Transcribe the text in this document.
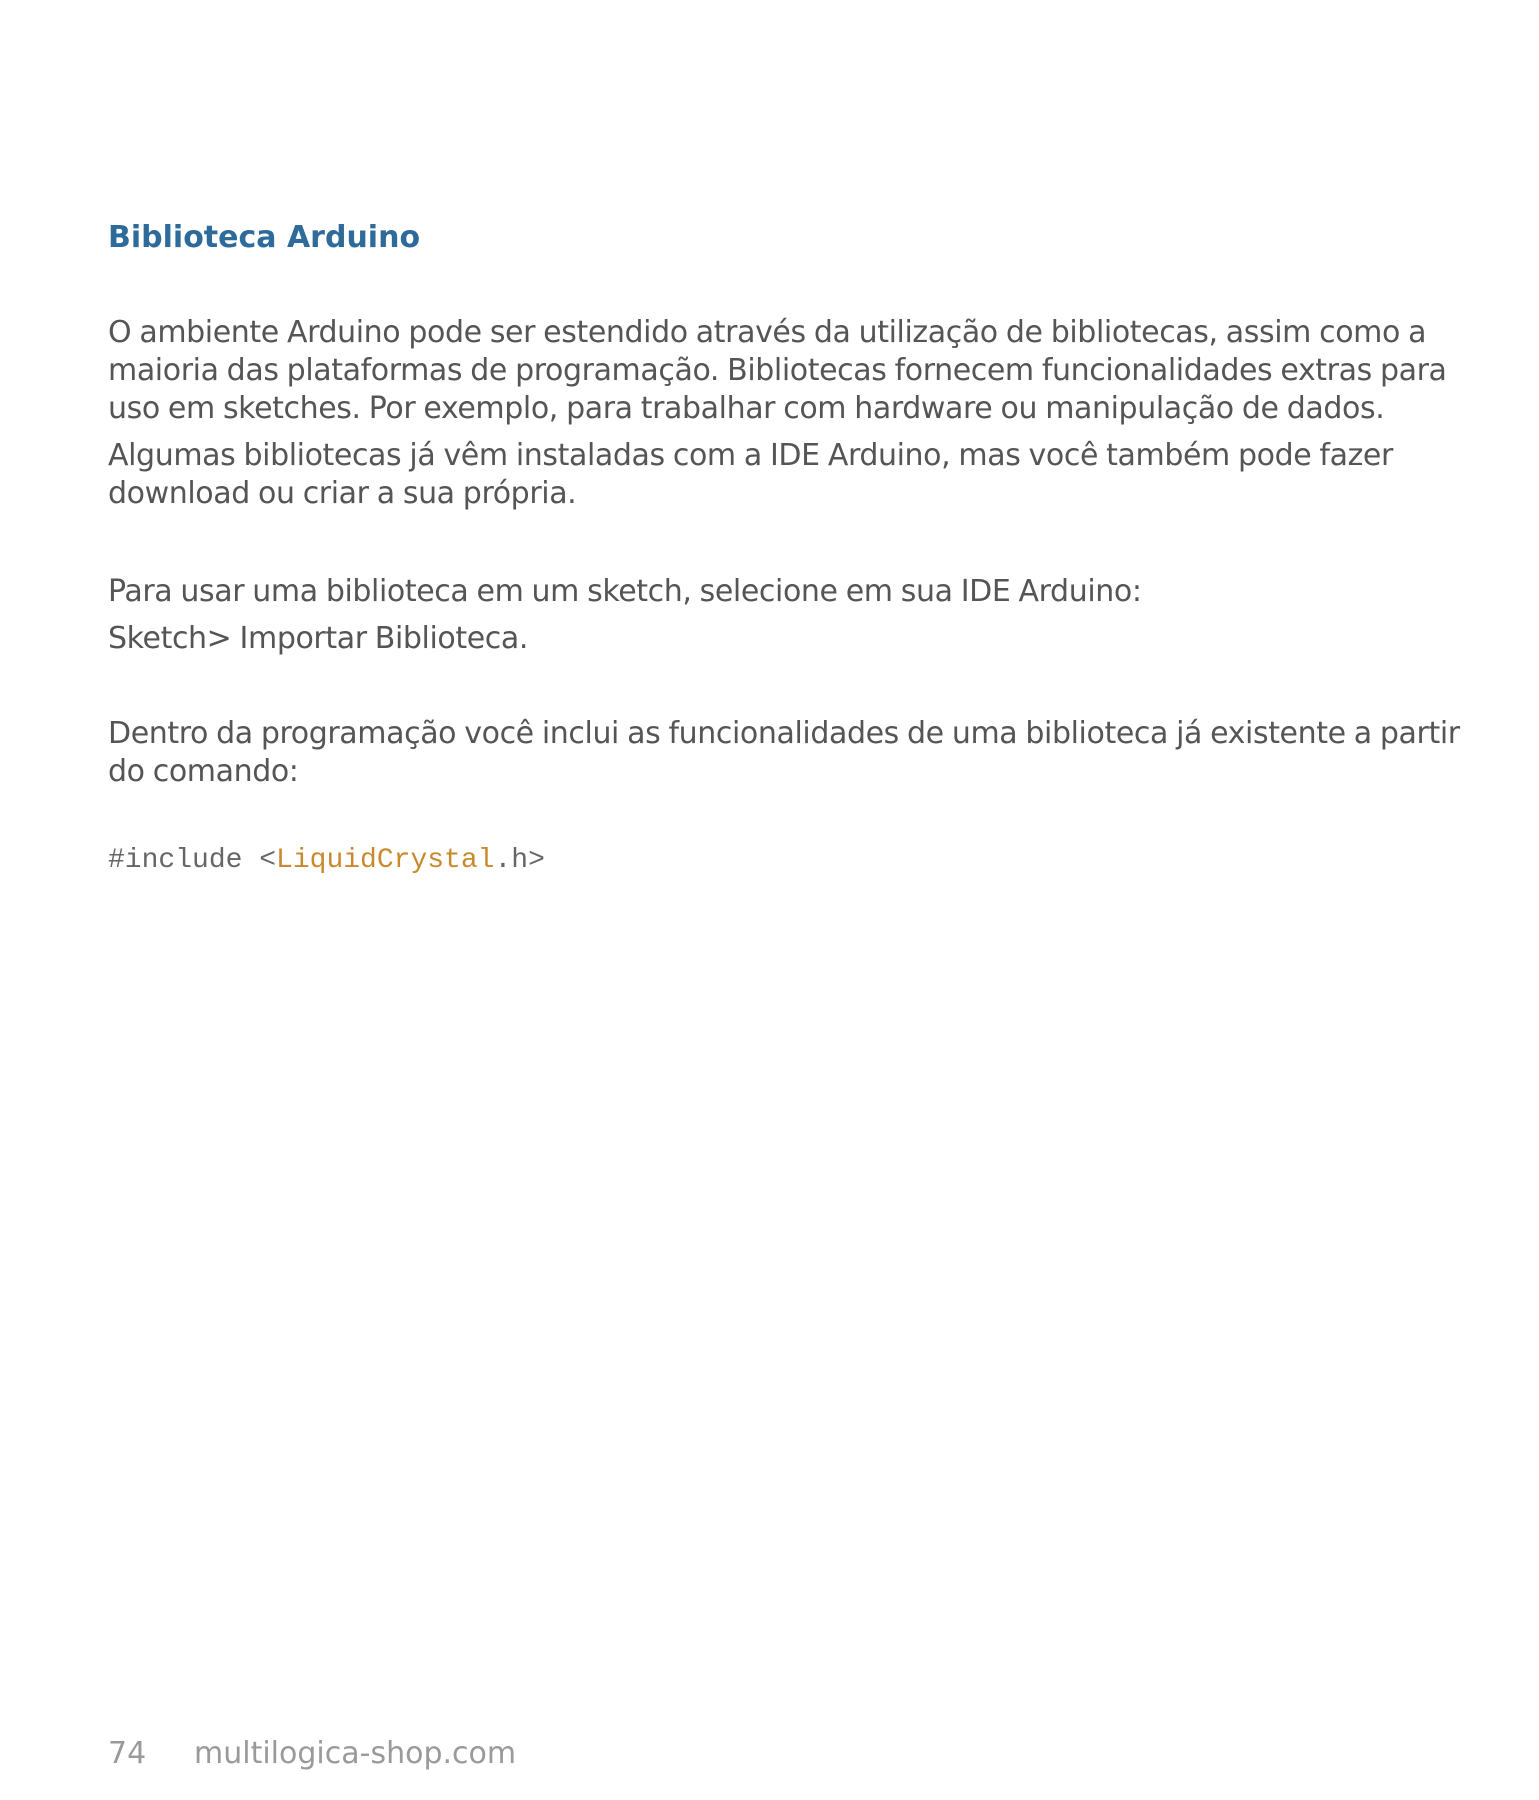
Biblioteca Arduino

O ambiente Arduino pode ser estendido através da utilização de bibliotecas, assim como a
maioria das plataformas de programação. Bibliotecas fornecem funcionalidades extras para
uso em sketches. Por exemplo, para trabalhar com hardware ou manipulação de dados.

Algumas bibliotecas já vêm instaladas com a IDE Arduino, mas você também pode fazer
download ou criar a sua própria.

Para usar uma biblioteca em um sketch, selecione em sua IDE Arduino:

Sketch> Importar Biblioteca.

Dentro da programação você inclui as funcionalidades de uma biblioteca já existente a partir
do comando:

#include <LiquidCrystal.h>
74 multilogica-shop.com
